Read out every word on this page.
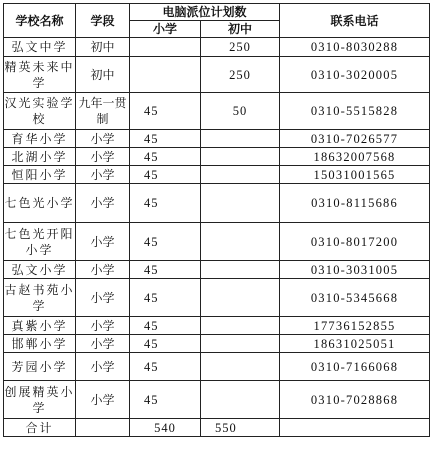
学校名称	学段	电脑派位计划数		联系电话
		小学	初中	
弘文中学	初中		250	0310-8030288
精英未来中学	初中		250	0310-3020005
汉光实验学校	九年一贯制	45	50	0310-5515828
育华小学	小学	45		0310-7026577
北湖小学	小学	45		18632007568
恒阳小学	小学	45		15031001565
七色光小学	小学	45		0310-8115686
七色光开阳小学	小学	45		0310-8017200
弘文小学	小学	45		0310-3031005
古赵书苑小学	小学	45		0310-5345668
真紫小学	小学	45		17736152855
邯郸小学	小学	45		18631025051
芳园小学	小学	45		0310-7166068
创展精英小学	小学	45		0310-7028868
合计		540	550	
